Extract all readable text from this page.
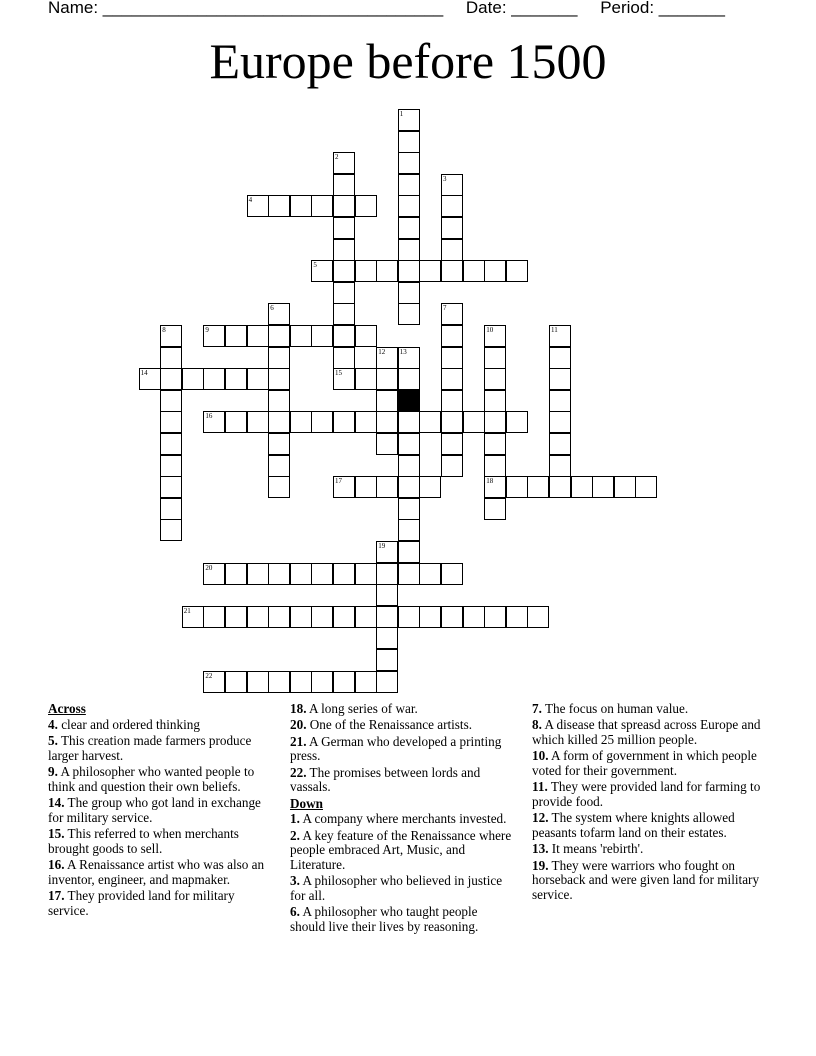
Name: ____________________________________ Date: _______ Period: _______
Europe before 1500
1
2
3
4
5
6	7
8	9	10
18
11
12 13
14	15
16
17
19
20
21
22
Across
4. clear and ordered thinking
5. This creation made farmers produce larger harvest.
9. A philosopher who wanted people to think and question their own beliefs.
14. The group who got land in exchange for military service.
15. This referred to when merchants brought goods to sell.
16. A Renaissance artist who was also an inventor, engineer, and mapmaker.
17. They provided land for military service.
18. A long series of war.
20. One of the Renaissance artists.
21. A German who developed a printing press.
22. The promises between lords and vassals.
Down
1. A company where merchants invested.
2. A key feature of the Renaissance where people embraced Art, Music, and Literature.
3. A philosopher who believed in justice for all.
6. A philosopher who taught people should live their lives by reasoning.
7. The focus on human value.
8. A disease that spreasd across Europe and which killed 25 million people.
10. A form of government in which people voted for their government.
11. They were provided land for farming to provide food.
12. The system where knights allowed peasants tofarm land on their estates.
13. It means 'rebirth'.
19. They were warriors who fought on horseback and were given land for military service.
